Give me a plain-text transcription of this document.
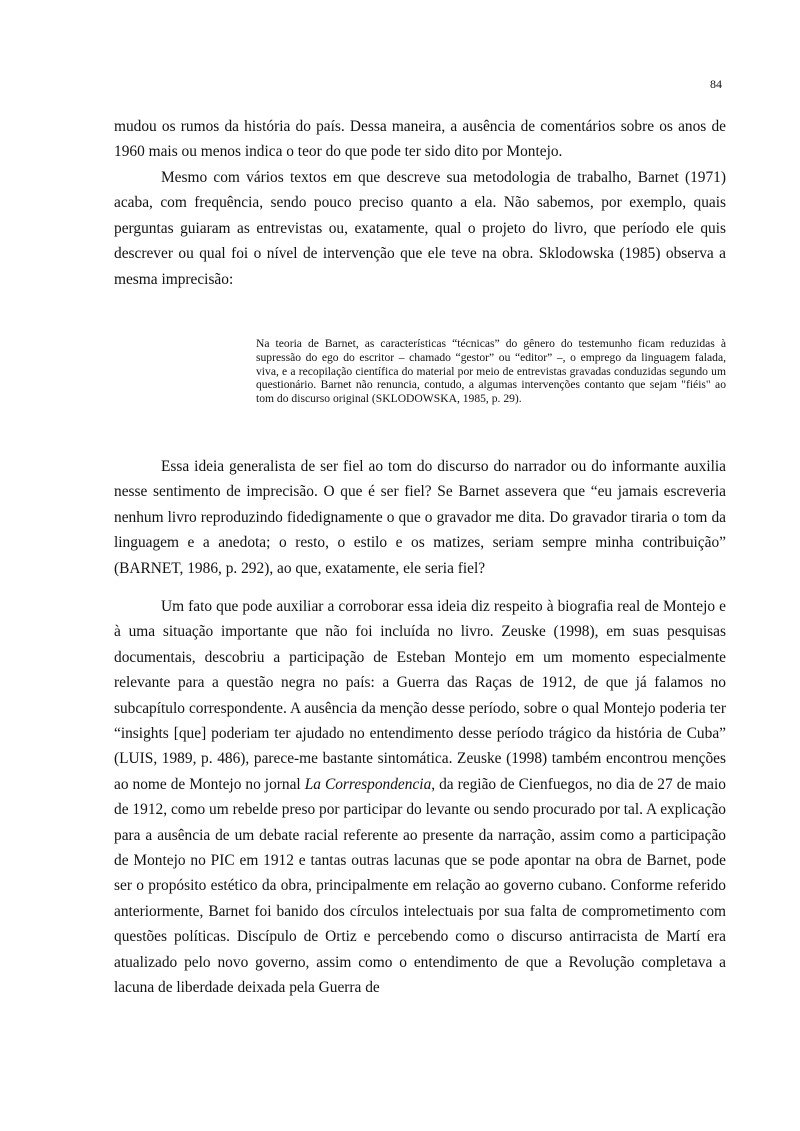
84

mudou os rumos da história do país. Dessa maneira, a ausência de comentários sobre os anos de 1960 mais ou menos indica o teor do que pode ter sido dito por Montejo.

Mesmo com vários textos em que descreve sua metodologia de trabalho, Barnet (1971) acaba, com frequência, sendo pouco preciso quanto a ela. Não sabemos, por exemplo, quais perguntas guiaram as entrevistas ou, exatamente, qual o projeto do livro, que período ele quis descrever ou qual foi o nível de intervenção que ele teve na obra. Sklodowska (1985) observa a mesma imprecisão:

Na teoria de Barnet, as características “técnicas” do gênero do testemunho ficam reduzidas à supressão do ego do escritor – chamado “gestor” ou “editor” –, o emprego da linguagem falada, viva, e a recopilação científica do material por meio de entrevistas gravadas conduzidas segundo um questionário. Barnet não renuncia, contudo, a algumas intervenções contanto que sejam "fiéis" ao tom do discurso original (SKLODOWSKA, 1985, p. 29).

Essa ideia generalista de ser fiel ao tom do discurso do narrador ou do informante auxilia nesse sentimento de imprecisão. O que é ser fiel? Se Barnet assevera que “eu jamais escreveria nenhum livro reproduzindo fidedignamente o que o gravador me dita. Do gravador tiraria o tom da linguagem e a anedota; o resto, o estilo e os matizes, seriam sempre minha contribuição” (BARNET, 1986, p. 292), ao que, exatamente, ele seria fiel?

Um fato que pode auxiliar a corroborar essa ideia diz respeito à biografia real de Montejo e à uma situação importante que não foi incluída no livro. Zeuske (1998), em suas pesquisas documentais, descobriu a participação de Esteban Montejo em um momento especialmente relevante para a questão negra no país: a Guerra das Raças de 1912, de que já falamos no subcapítulo correspondente. A ausência da menção desse período, sobre o qual Montejo poderia ter “insights [que] poderiam ter ajudado no entendimento desse período trágico da história de Cuba” (LUIS, 1989, p. 486), parece-me bastante sintomática. Zeuske (1998) também encontrou menções ao nome de Montejo no jornal La Correspondencia, da região de Cienfuegos, no dia de 27 de maio de 1912, como um rebelde preso por participar do levante ou sendo procurado por tal. A explicação para a ausência de um debate racial referente ao presente da narração, assim como a participação de Montejo no PIC em 1912 e tantas outras lacunas que se pode apontar na obra de Barnet, pode ser o propósito estético da obra, principalmente em relação ao governo cubano. Conforme referido anteriormente, Barnet foi banido dos círculos intelectuais por sua falta de comprometimento com questões políticas. Discípulo de Ortiz e percebendo como o discurso antirracista de Martí era atualizado pelo novo governo, assim como o entendimento de que a Revolução completava a lacuna de liberdade deixada pela Guerra de
